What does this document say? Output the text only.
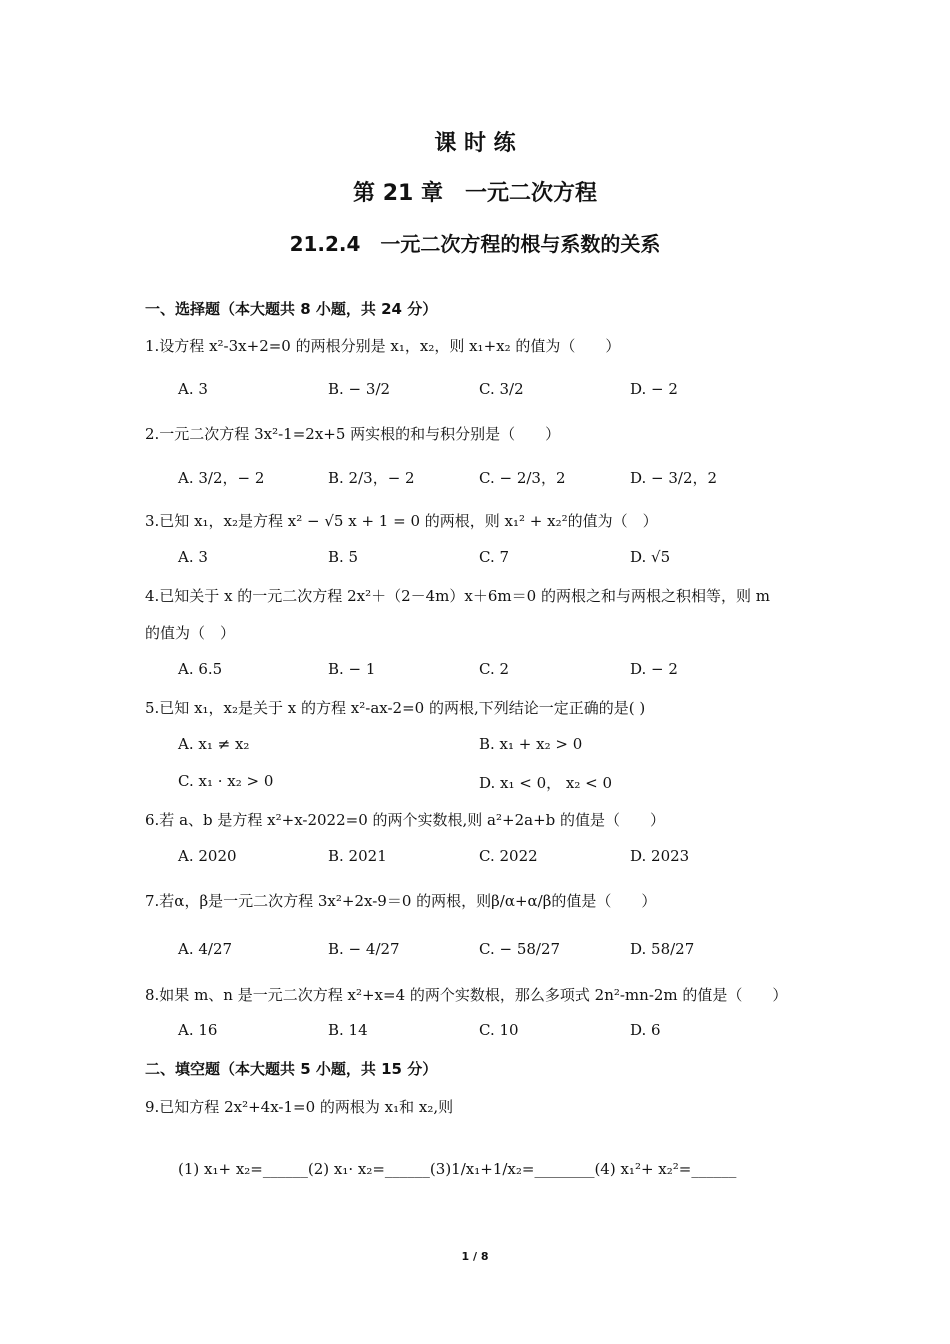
课 时 练
第 21 章　一元二次方程
21.2.4　一元二次方程的根与系数的关系
一、选择题（本大题共 8 小题，共 24 分）
1.设方程 x²-3x+2=0 的两根分别是 x₁，x₂，则 x₁+x₂ 的值为（　　）
A. 3	B. − 3/2	C. 3/2	D. − 2
2.一元二次方程 3x²-1=2x+5 两实根的和与积分别是（　　）
A. 3/2，− 2	B. 2/3，− 2	C. − 2/3，2	D. − 3/2，2
3.已知 x₁，x₂是方程 x² − √5 x + 1 = 0 的两根，则 x₁² + x₂²的值为（　）
A. 3	B. 5	C. 7	D. √5
4.已知关于 x 的一元二次方程 2x²＋（2－4m）x＋6m＝0 的两根之和与两根之积相等，则 m
的值为（　）
A. 6.5	B. − 1	C. 2	D. − 2
5.已知 x₁，x₂是关于 x 的方程 x²-ax-2=0 的两根,下列结论一定正确的是( )
A. x₁ ≠ x₂	B. x₁ + x₂ > 0
C. x₁ · x₂ > 0	D. x₁ < 0， x₂ < 0
6.若 a、b 是方程 x²+x-2022=0 的两个实数根,则 a²+2a+b 的值是（　　）
A. 2020	B. 2021	C. 2022	D. 2023
7.若α，β是一元二次方程 3x²+2x-9＝0 的两根，则β/α+α/β的值是（　　）
A. 4/27	B. − 4/27	C. − 58/27	D. 58/27
8.如果 m、n 是一元二次方程 x²+x=4 的两个实数根，那么多项式 2n²-mn-2m 的值是（　　）
A. 16	B. 14	C. 10	D. 6
二、填空题（本大题共 5 小题，共 15 分）
9.已知方程 2x²+4x-1=0 的两根为 x₁和 x₂,则
(1) x₁+ x₂=______(2) x₁· x₂=______(3)1/x₁+1/x₂=________(4) x₁²+ x₂²=______
1 / 8
